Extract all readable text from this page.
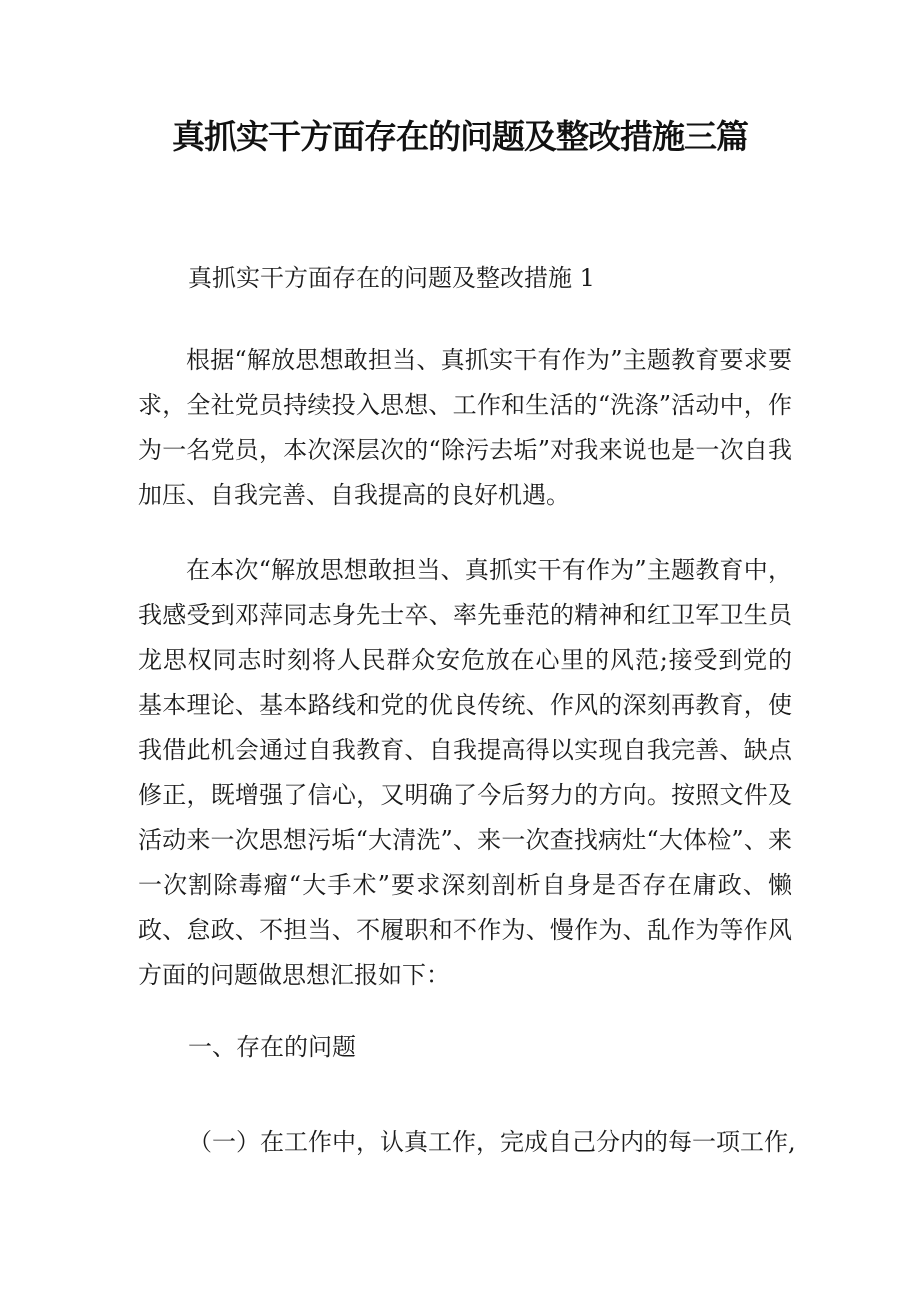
真抓实干方面存在的问题及整改措施三篇

真抓实干方面存在的问题及整改措施 1

根据“解放思想敢担当、真抓实干有作为”主题教育要求要求，全社党员持续投入思想、工作和生活的“洗涤”活动中，作为一名党员，本次深层次的“除污去垢”对我来说也是一次自我加压、自我完善、自我提高的良好机遇。

在本次“解放思想敢担当、真抓实干有作为”主题教育中，我感受到邓萍同志身先士卒、率先垂范的精神和红卫军卫生员龙思权同志时刻将人民群众安危放在心里的风范;接受到党的基本理论、基本路线和党的优良传统、作风的深刻再教育，使我借此机会通过自我教育、自我提高得以实现自我完善、缺点修正，既增强了信心，又明确了今后努力的方向。按照文件及活动来一次思想污垢“大清洗”、来一次查找病灶“大体检”、来一次割除毒瘤“大手术”要求深刻剖析自身是否存在庸政、懒政、怠政、不担当、不履职和不作为、慢作为、乱作为等作风方面的问题做思想汇报如下：

一、存在的问题

（一）在工作中，认真工作，完成自己分内的每一项工作,
